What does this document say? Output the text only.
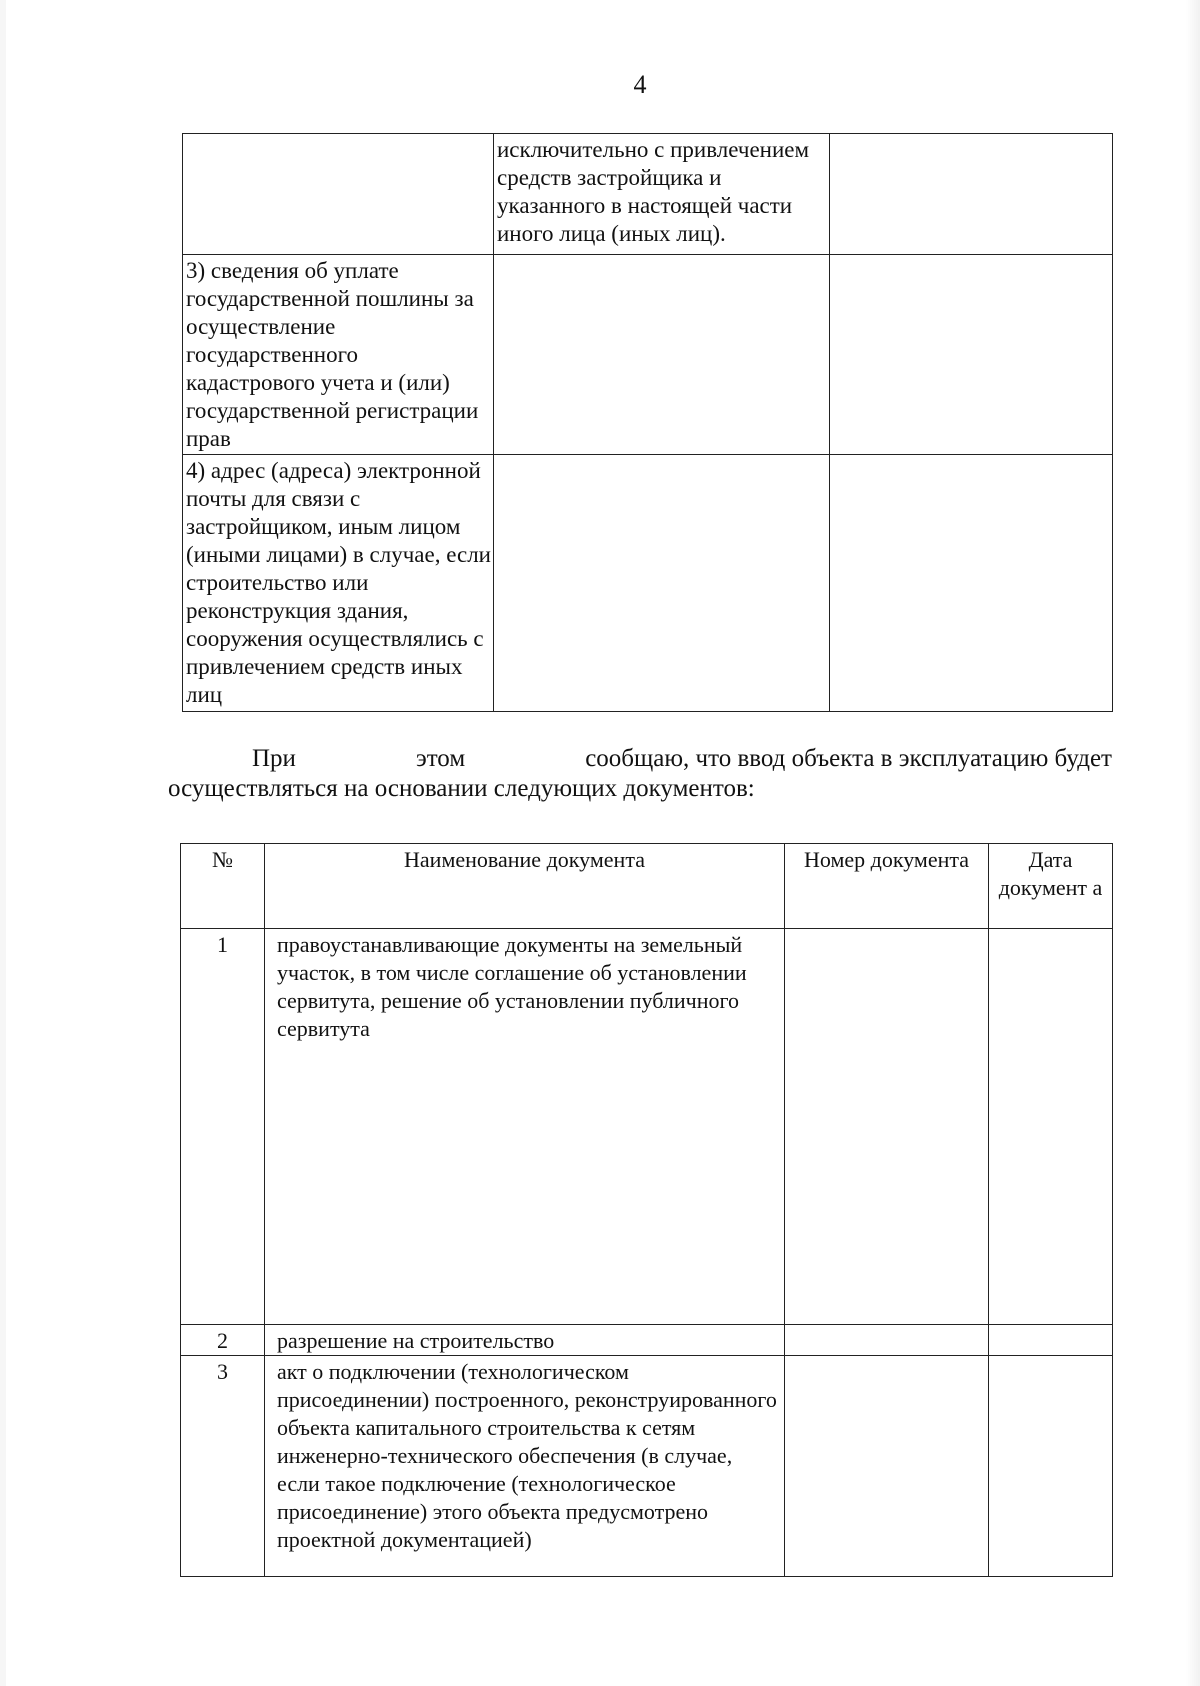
4
	исключительно с привлечением средств застройщика и указанного в настоящей части иного лица (иных лиц).	
3) сведения об уплате государственной пошлины за осуществление государственного кадастрового учета и (или) государственной регистрации прав		
4) адрес (адреса) электронной почты для связи с застройщиком, иным лицом (иными лицами) в случае, если строительство или реконструкция здания, сооружения осуществлялись с привлечением средств иных лиц		
При	этом	сообщаю, что ввод объекта в эксплуатацию будет
осуществляться на основании следующих документов:
№	Наименование документа	Номер документа	Дата документ а
1	правоустанавливающие документы на земельный участок, в том числе соглашение об установлении сервитута, решение об установлении публичного сервитута		
2	разрешение на строительство		
3	акт о подключении (технологическом присоединении) построенного, реконструированного объекта капитального строительства к сетям инженерно-технического обеспечения (в случае, если такое подключение (технологическое присоединение) этого объекта предусмотрено проектной документацией)		
